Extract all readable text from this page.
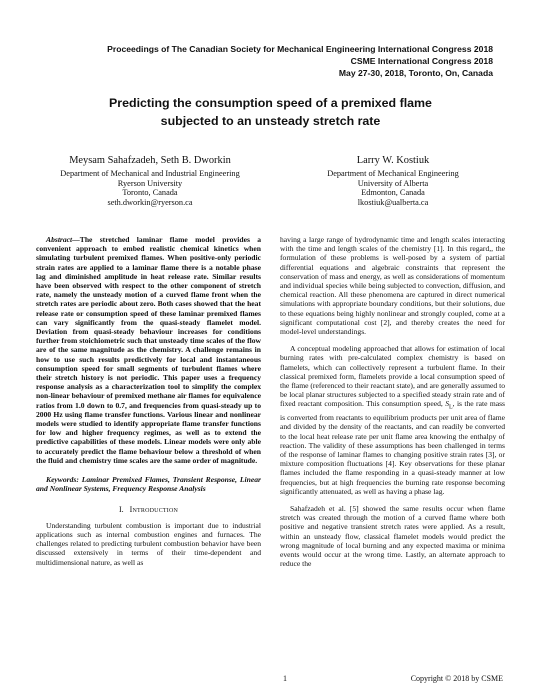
Proceedings of The Canadian Society for Mechanical Engineering International Congress 2018
CSME International Congress 2018
May 27-30, 2018, Toronto, On, Canada
Predicting the consumption speed of a premixed flame
subjected to an unsteady stretch rate
Meysam Sahafzadeh, Seth B. Dworkin
Department of Mechanical and Industrial Engineering
Ryerson University
Toronto, Canada
seth.dworkin@ryerson.ca
Larry W. Kostiuk
Department of Mechanical Engineering
University of Alberta
Edmonton, Canada
lkostiuk@ualberta.ca

Abstract—The stretched laminar flame model provides a convenient approach to embed realistic chemical kinetics when simulating turbulent premixed flames. When positive-only periodic strain rates are applied to a laminar flame there is a notable phase lag and diminished amplitude in heat release rate. Similar results have been observed with respect to the other component of stretch rate, namely the unsteady motion of a curved flame front when the stretch rates are periodic about zero. Both cases showed that the heat release rate or consumption speed of these laminar premixed flames can vary significantly from the quasi-steady flamelet model. Deviation from quasi-steady behaviour increases for conditions further from stoichiometric such that unsteady time scales of the flow are of the same magnitude as the chemistry. A challenge remains in how to use such results predictively for local and instantaneous consumption speed for small segments of turbulent flames where their stretch history is not periodic. This paper uses a frequency response analysis as a characterization tool to simplify the complex non-linear behaviour of premixed methane air flames for equivalence ratios from 1.0 down to 0.7, and frequencies from quasi-steady up to 2000 Hz using flame transfer functions. Various linear and nonlinear models were studied to identify appropriate flame transfer functions for low and higher frequency regimes, as well as to extend the predictive capabilities of these models. Linear models were only able to accurately predict the flame behaviour below a threshold of when the fluid and chemistry time scales are the same order of magnitude.

Keywords: Laminar Premixed Flames, Transient Response, Linear and Nonlinear Systems, Frequency Response Analysis

I. Introduction

Understanding turbulent combustion is important due to industrial applications such as internal combustion engines and furnaces. The challenges related to predicting turbulent combustion behavior have been discussed extensively in terms of their time-dependent and multidimensional nature, as well as

having a large range of hydrodynamic time and length scales interacting with the time and length scales of the chemistry [1]. In this regard,, the formulation of these problems is well-posed by a system of partial differential equations and algebraic constraints that represent the conservation of mass and energy, as well as considerations of momentum and individual species while being subjected to convection, diffusion, and chemical reaction. All these phenomena are captured in direct numerical simulations with appropriate boundary conditions, but their solutions, due to these equations being highly nonlinear and strongly coupled, come at a significant computational cost [2], and thereby creates the need for model-level understandings.

A conceptual modeling approached that allows for estimation of local burning rates with pre-calculated complex chemistry is based on flamelets, which can collectively represent a turbulent flame. In their classical premixed form, flamelets provide a local consumption speed of the flame (referenced to their reactant state), and are generally assumed to be local planar structures subjected to a specified steady strain rate and of fixed reactant composition. This consumption speed, $S_L$, is the rate mass is converted from reactants to equilibrium products per unit area of flame and divided by the density of the reactants, and can readily be converted to the local heat release rate per unit flame area knowing the enthalpy of reaction. The validity of these assumptions has been challenged in terms of the response of laminar flames to changing positive strain rates [3], or mixture composition fluctuations [4]. Key observations for these planar flames included the flame responding in a quasi-steady manner at low frequencies, but at high frequencies the burning rate response becoming significantly attenuated, as well as having a phase lag.

Sahafzadeh et al. [5] showed the same results occur when flame stretch was created through the motion of a curved flame where both positive and negative transient stretch rates were applied. As a result, within an unsteady flow, classical flamelet models would predict the wrong magnitude of local burning and any expected maxima or minima events would occur at the wrong time. Lastly, an alternate approach to reduce the

1	Copyright © 2018 by CSME
